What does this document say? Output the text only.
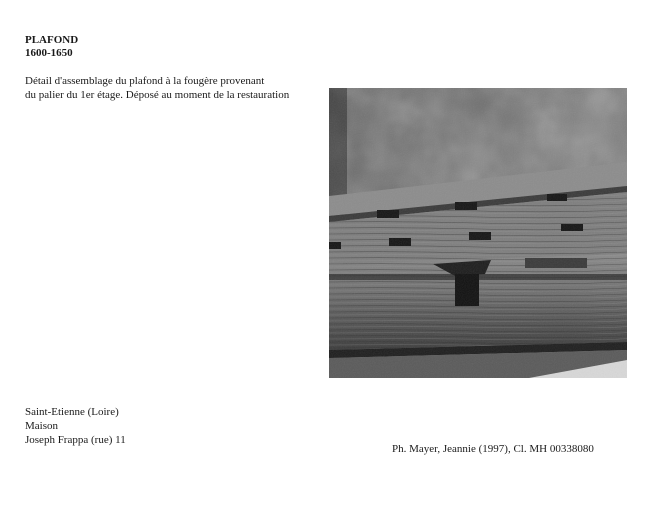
PLAFOND
1600-1650
Détail d'assemblage du plafond à la fougère provenant
du palier du 1er étage. Déposé au moment de la restauration
Saint-Etienne (Loire)
Maison
Joseph Frappa (rue) 11
Ph. Mayer, Jeannie (1997), Cl. MH 00338080
